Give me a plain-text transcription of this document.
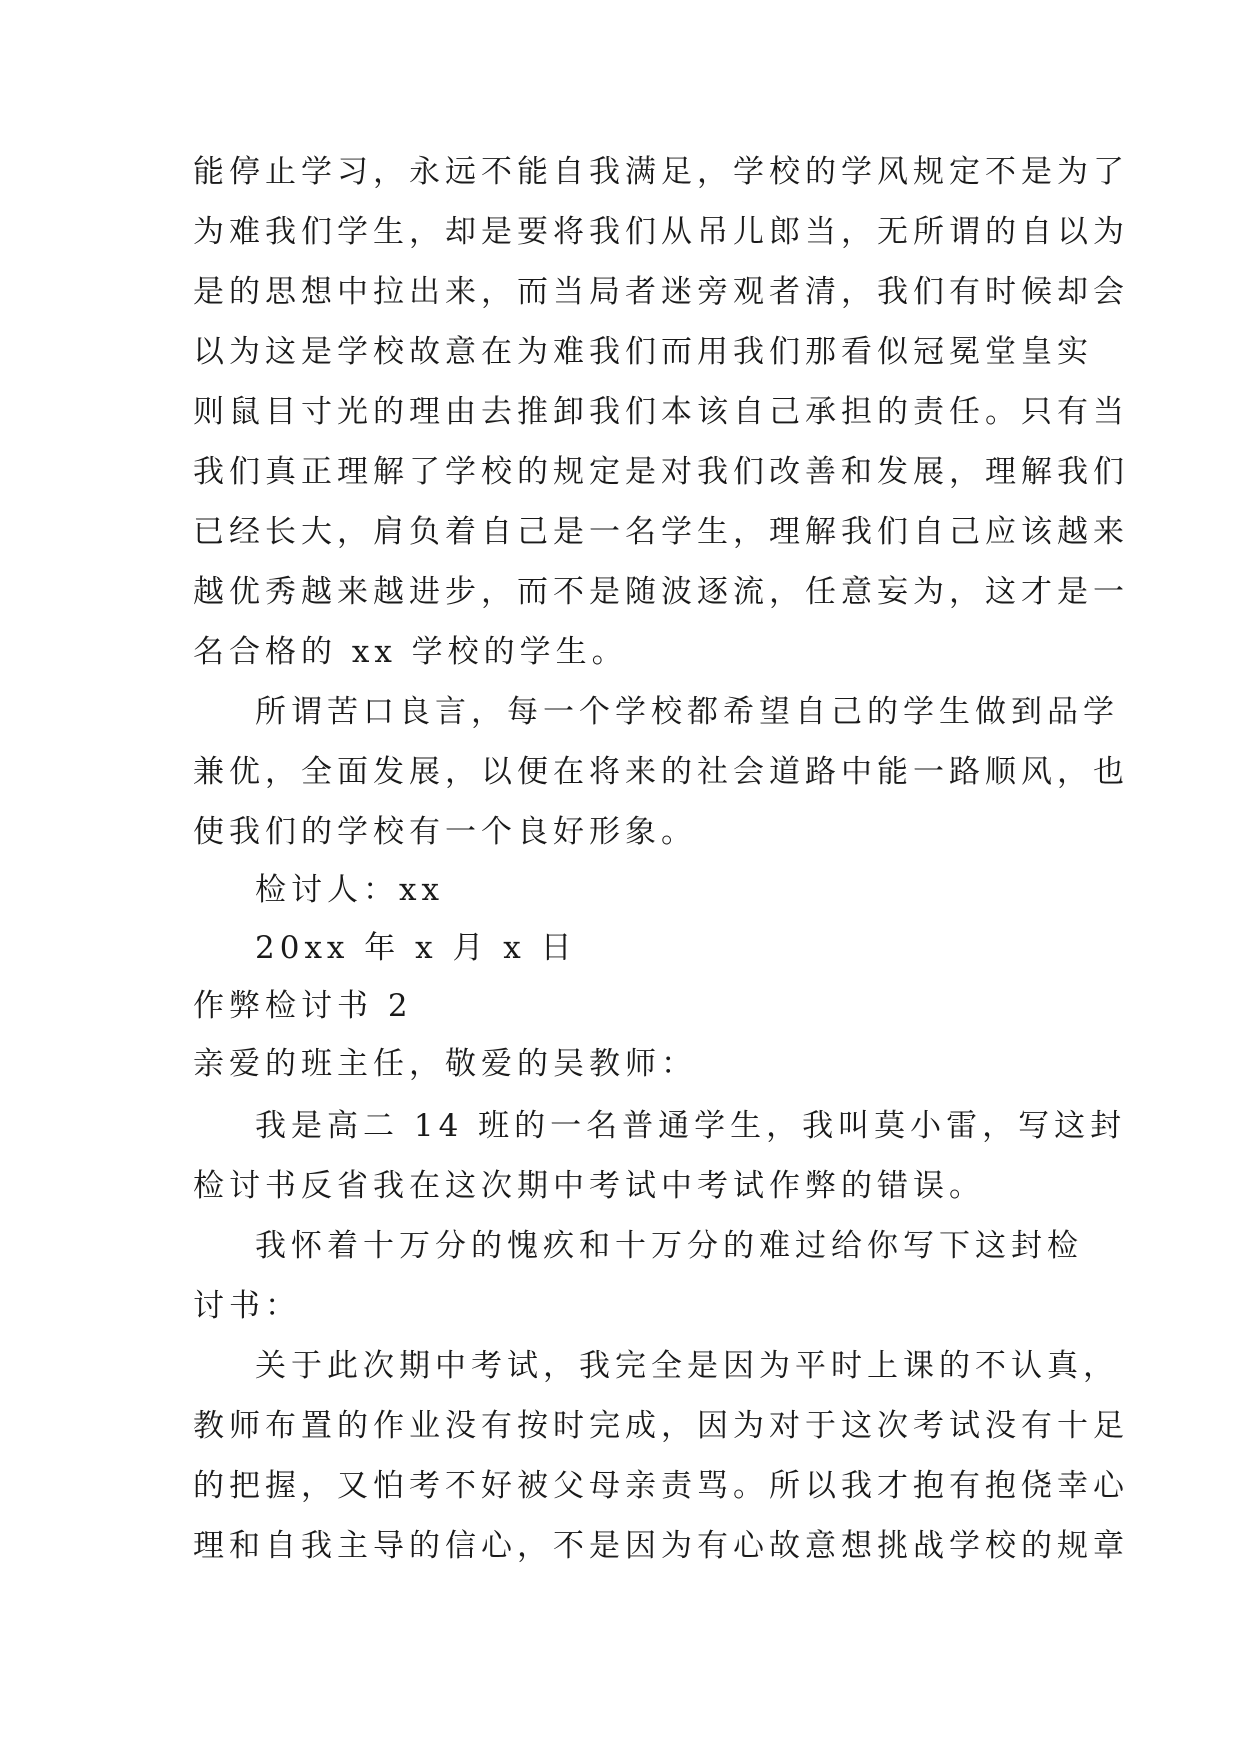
能停止学习，永远不能自我满足，学校的学风规定不是为了
为难我们学生，却是要将我们从吊儿郎当，无所谓的自以为
是的思想中拉出来，而当局者迷旁观者清，我们有时候却会
以为这是学校故意在为难我们而用我们那看似冠冕堂皇实
则鼠目寸光的理由去推卸我们本该自己承担的责任。只有当
我们真正理解了学校的规定是对我们改善和发展，理解我们
已经长大，肩负着自己是一名学生，理解我们自己应该越来
越优秀越来越进步，而不是随波逐流，任意妄为，这才是一
名合格的 xx 学校的学生。
所谓苦口良言，每一个学校都希望自己的学生做到品学
兼优，全面发展，以便在将来的社会道路中能一路顺风，也
使我们的学校有一个良好形象。
检讨人：xx
20xx 年 x 月 x 日
作弊检讨书 2
亲爱的班主任，敬爱的吴教师：
我是高二 14 班的一名普通学生，我叫莫小雷，写这封
检讨书反省我在这次期中考试中考试作弊的错误。
我怀着十万分的愧疚和十万分的难过给你写下这封检
讨书：
关于此次期中考试，我完全是因为平时上课的不认真，
教师布置的作业没有按时完成，因为对于这次考试没有十足
的把握，又怕考不好被父母亲责骂。所以我才抱有抱侥幸心
理和自我主导的信心，不是因为有心故意想挑战学校的规章
